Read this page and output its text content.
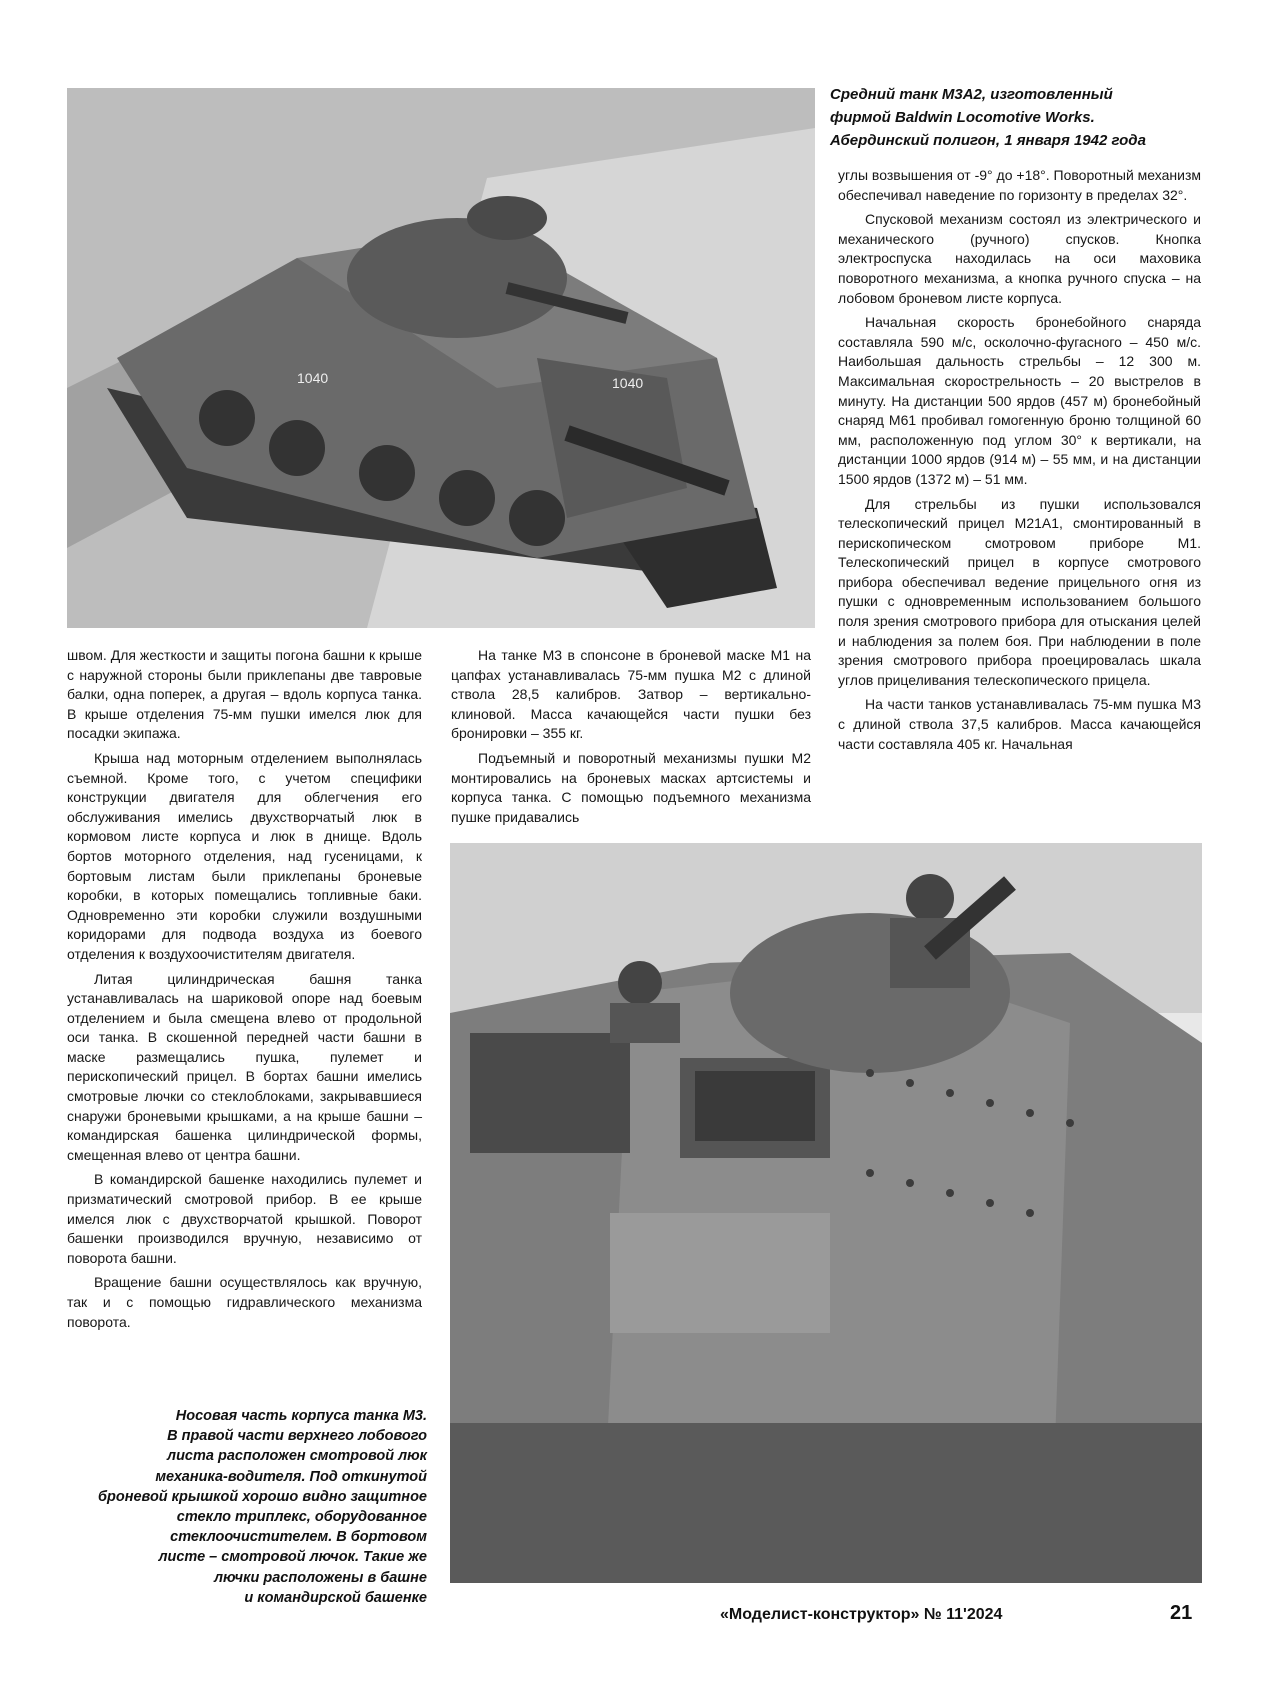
1040	1040
Средний танк М3А2, изготовленный
фирмой Baldwin Locomotive Works.
Абердинский полигон, 1 января 1942 года

углы возвышения от -9° до +18°. Поворотный механизм обеспечивал наведение по горизонту в пределах 32°.

Спусковой механизм состоял из электрического и механического (ручного) спусков. Кнопка электроспуска находилась на оси маховика поворотного механизма, а кнопка ручного спуска – на лобовом броневом листе корпуса.

Начальная скорость бронебойного снаряда составляла 590 м/с, осколочно-фугасного – 450 м/с. Наибольшая дальность стрельбы – 12 300 м. Максимальная скорострельность – 20 выстрелов в минуту. На дистанции 500 ярдов (457 м) бронебойный снаряд М61 пробивал гомогенную броню толщиной 60 мм, расположенную под углом 30° к вертикали, на дистанции 1000 ярдов (914 м) – 55 мм, и на дистанции 1500 ярдов (1372 м) – 51 мм.

Для стрельбы из пушки использовался телескопический прицел М21А1, смонтированный в перископическом смотровом приборе М1. Телескопический прицел в корпусе смотрового прибора обеспечивал ведение прицельного огня из пушки с одновременным использованием большого поля зрения смотрового прибора для отыскания целей и наблюдения за полем боя. При наблюдении в поле зрения смотрового прибора проецировалась шкала углов прицеливания телескопического прицела.

На части танков устанавливалась 75-мм пушка М3 с длиной ствола 37,5 калибров. Масса качающейся части составляла 405 кг. Начальная

швом. Для жесткости и защиты погона башни к крыше с наружной стороны были приклепаны две тавровые балки, одна поперек, а другая – вдоль корпуса танка. В крыше отделения 75-мм пушки имелся люк для посадки экипажа.

Крыша над моторным отделением выполнялась съемной. Кроме того, с учетом специфики конструкции двигателя для облегчения его обслуживания имелись двухстворчатый люк в кормовом листе корпуса и люк в днище. Вдоль бортов моторного отделения, над гусеницами, к бортовым листам были приклепаны броневые коробки, в которых помещались топливные баки. Одновременно эти коробки служили воздушными коридорами для подвода воздуха из боевого отделения к воздухоочистителям двигателя.

Литая цилиндрическая башня танка устанавливалась на шариковой опоре над боевым отделением и была смещена влево от продольной оси танка. В скошенной передней части башни в маске размещались пушка, пулемет и перископический прицел. В бортах башни имелись смотровые лючки со стеклоблоками, закрывавшиеся снаружи броневыми крышками, а на крыше башни – командирская башенка цилиндрической формы, смещенная влево от центра башни.

В командирской башенке находились пулемет и призматический смотровой прибор. В ее крыше имелся люк с двухстворчатой крышкой. Поворот башенки производился вручную, независимо от поворота башни.

Вращение башни осуществлялось как вручную, так и с помощью гидравлического механизма поворота.

На танке М3 в спонсоне в броневой маске М1 на цапфах устанавливалась 75-мм пушка М2 с длиной ствола 28,5 калибров. Затвор – вертикально-клиновой. Масса качающейся части пушки без бронировки – 355 кг.

Подъемный и поворотный механизмы пушки М2 монтировались на броневых масках артсистемы и корпуса танка. С помощью подъемного механизма пушке придавались

Носовая часть корпуса танка М3.
В правой части верхнего лобового
листа расположен смотровой люк
механика-водителя. Под откинутой
броневой крышкой хорошо видно защитное
стекло триплекс, оборудованное
стеклоочистителем. В бортовом
листе – смотровой лючок. Такие же
лючки расположены в башне
и командирской башенке
«Моделист-конструктор» № 11'2024	21
